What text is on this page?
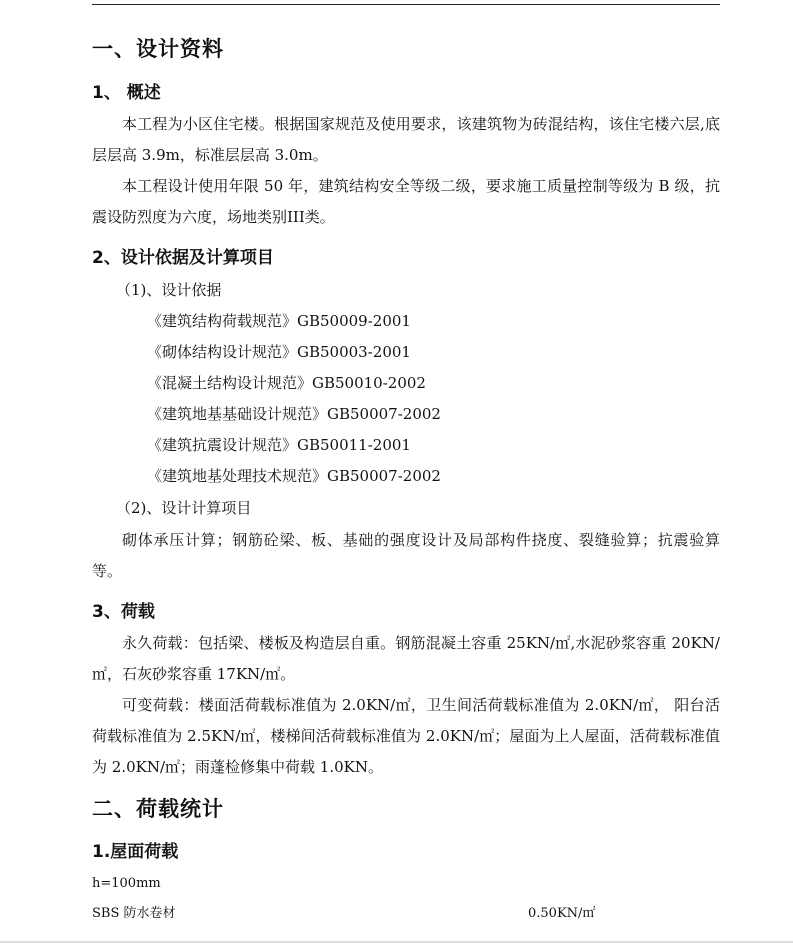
一、设计资料
1、 概述
本工程为小区住宅楼。根据国家规范及使用要求，该建筑物为砖混结构，该住宅楼六层,底层层高 3.9m，标准层层高 3.0m。
本工程设计使用年限 50 年，建筑结构安全等级二级，要求施工质量控制等级为 B 级，抗震设防烈度为六度，场地类别III类。
2、设计依据及计算项目
（1)、设计依据
《建筑结构荷载规范》GB50009-2001
《砌体结构设计规范》GB50003-2001
《混凝土结构设计规范》GB50010-2002
《建筑地基基础设计规范》GB50007-2002
《建筑抗震设计规范》GB50011-2001
《建筑地基处理技术规范》GB50007-2002
（2)、设计计算项目
砌体承压计算；钢筋砼梁、板、基础的强度设计及局部构件挠度、裂缝验算；抗震验算等。
3、荷载
永久荷载：包括梁、楼板及构造层自重。钢筋混凝土容重 25KN/㎡,水泥砂浆容重 20KN/㎡，石灰砂浆容重 17KN/㎡。
可变荷载：楼面活荷载标准值为 2.0KN/㎡，卫生间活荷载标准值为 2.0KN/㎡， 阳台活荷载标准值为 2.5KN/㎡，楼梯间活荷载标准值为 2.0KN/㎡；屋面为上人屋面，活荷载标准值为 2.0KN/㎡；雨蓬检修集中荷载 1.0KN。
二、荷载统计
1.屋面荷载
h=100mm
SBS 防水卷材	0.50KN/㎡
